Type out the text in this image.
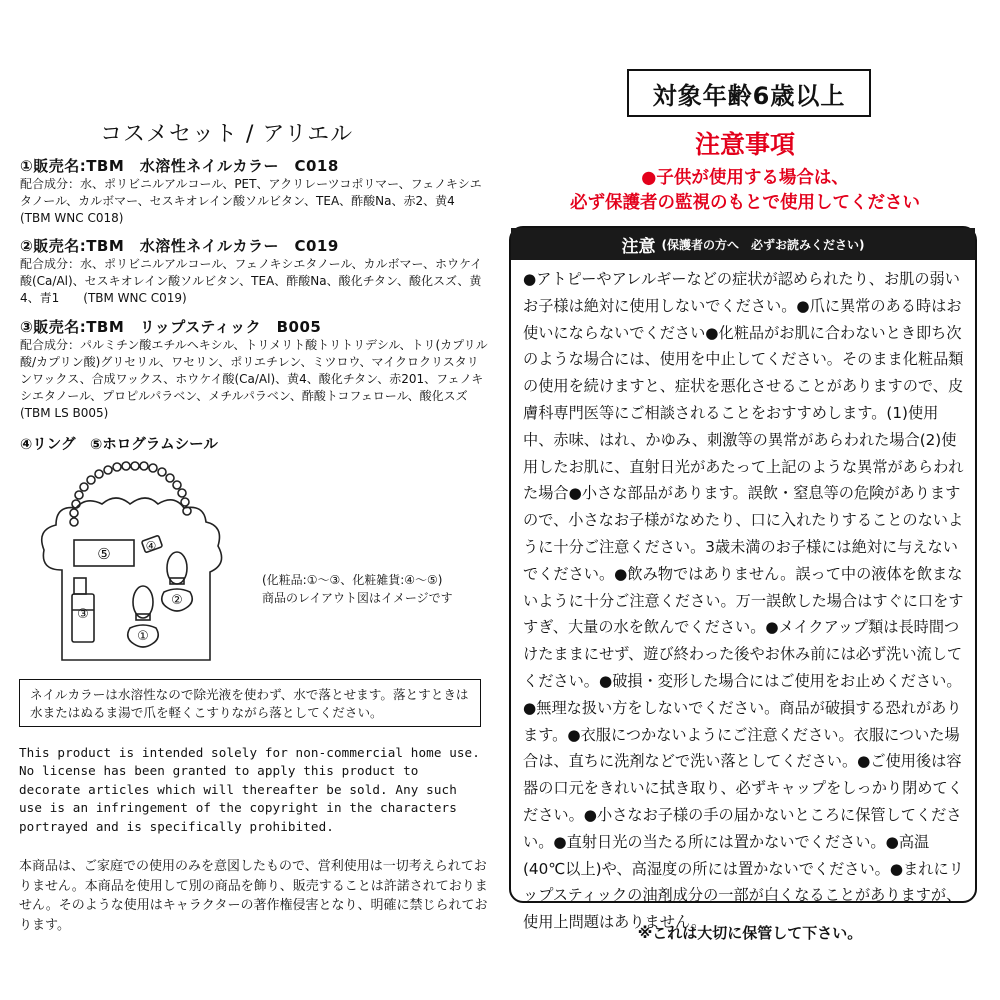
コスメセット / アリエル
①販売名:TBM　水溶性ネイルカラー　C018
配合成分：水、ポリビニルアルコール、PET、アクリレーツコポリマー、フェノキシエタノール、カルボマー、セスキオレイン酸ソルビタン、TEA、酢酸Na、赤2、黄4　　(TBM WNC C018)
②販売名:TBM　水溶性ネイルカラー　C019
配合成分：水、ポリビニルアルコール、フェノキシエタノール、カルボマー、ホウケイ酸(Ca/Al)、セスキオレイン酸ソルビタン、TEA、酢酸Na、酸化チタン、酸化スズ、黄4、青1　　(TBM WNC C019)
③販売名:TBM　リップスティック　B005
配合成分：パルミチン酸エチルヘキシル、トリメリト酸トリトリデシル、トリ(カプリル酸/カプリン酸)グリセリル、ワセリン、ポリエチレン、ミツロウ、マイクロクリスタリンワックス、合成ワックス、ホウケイ酸(Ca/Al)、黄4、酸化チタン、赤201、フェノキシエタノール、プロピルパラベン、メチルパラベン、酢酸トコフェロール、酸化スズ　　(TBM LS B005)
④リング　⑤ホログラムシール
⑤	④
②
③
①
(化粧品:①〜③、化粧雑貨:④〜⑤)
商品のレイアウト図はイメージです
ネイルカラーは水溶性なので除光液を使わず、水で落とせます。落とすときは水またはぬるま湯で爪を軽くこすりながら落としてください。
This product is intended solely for non-commercial home use. No license has been granted to apply this product to decorate articles which will thereafter be sold. Any such use is an infringement of the copyright in the characters portrayed and is specifically prohibited.
本商品は、ご家庭での使用のみを意図したもので、営利使用は一切考えられておりません。本商品を使用して別の商品を飾り、販売することは許諾されておりません。そのような使用はキャラクターの著作権侵害となり、明確に禁じられております。
対象年齢6歳以上
注意事項
●子供が使用する場合は、
必ず保護者の監視のもとで使用してください
注意 (保護者の方へ　必ずお読みください)
●アトピーやアレルギーなどの症状が認められたり、お肌の弱いお子様は絶対に使用しないでください。●爪に異常のある時はお使いにならないでください●化粧品がお肌に合わないとき即ち次のような場合には、使用を中止してください。そのまま化粧品類の使用を続けますと、症状を悪化させることがありますので、皮膚科専門医等にご相談されることをおすすめします。(1)使用中、赤味、はれ、かゆみ、刺激等の異常があらわれた場合(2)使用したお肌に、直射日光があたって上記のような異常があらわれた場合●小さな部品があります。誤飲・窒息等の危険がありますので、小さなお子様がなめたり、口に入れたりすることのないように十分ご注意ください。3歳未満のお子様には絶対に与えないでください。●飲み物ではありません。誤って中の液体を飲まないように十分ご注意ください。万一誤飲した場合はすぐに口をすすぎ、大量の水を飲んでください。●メイクアップ類は長時間つけたままにせず、遊び終わった後やお休み前には必ず洗い流してください。●破損・変形した場合にはご使用をお止めください。●無理な扱い方をしないでください。商品が破損する恐れがあります。●衣服につかないようにご注意ください。衣服についた場合は、直ちに洗剤などで洗い落としてください。●ご使用後は容器の口元をきれいに拭き取り、必ずキャップをしっかり閉めてください。●小さなお子様の手の届かないところに保管してください。●直射日光の当たる所には置かないでください。●高温(40℃以上)や、高湿度の所には置かないでください。●まれにリップスティックの油剤成分の一部が白くなることがありますが、使用上問題はありません。
※これは大切に保管して下さい。
